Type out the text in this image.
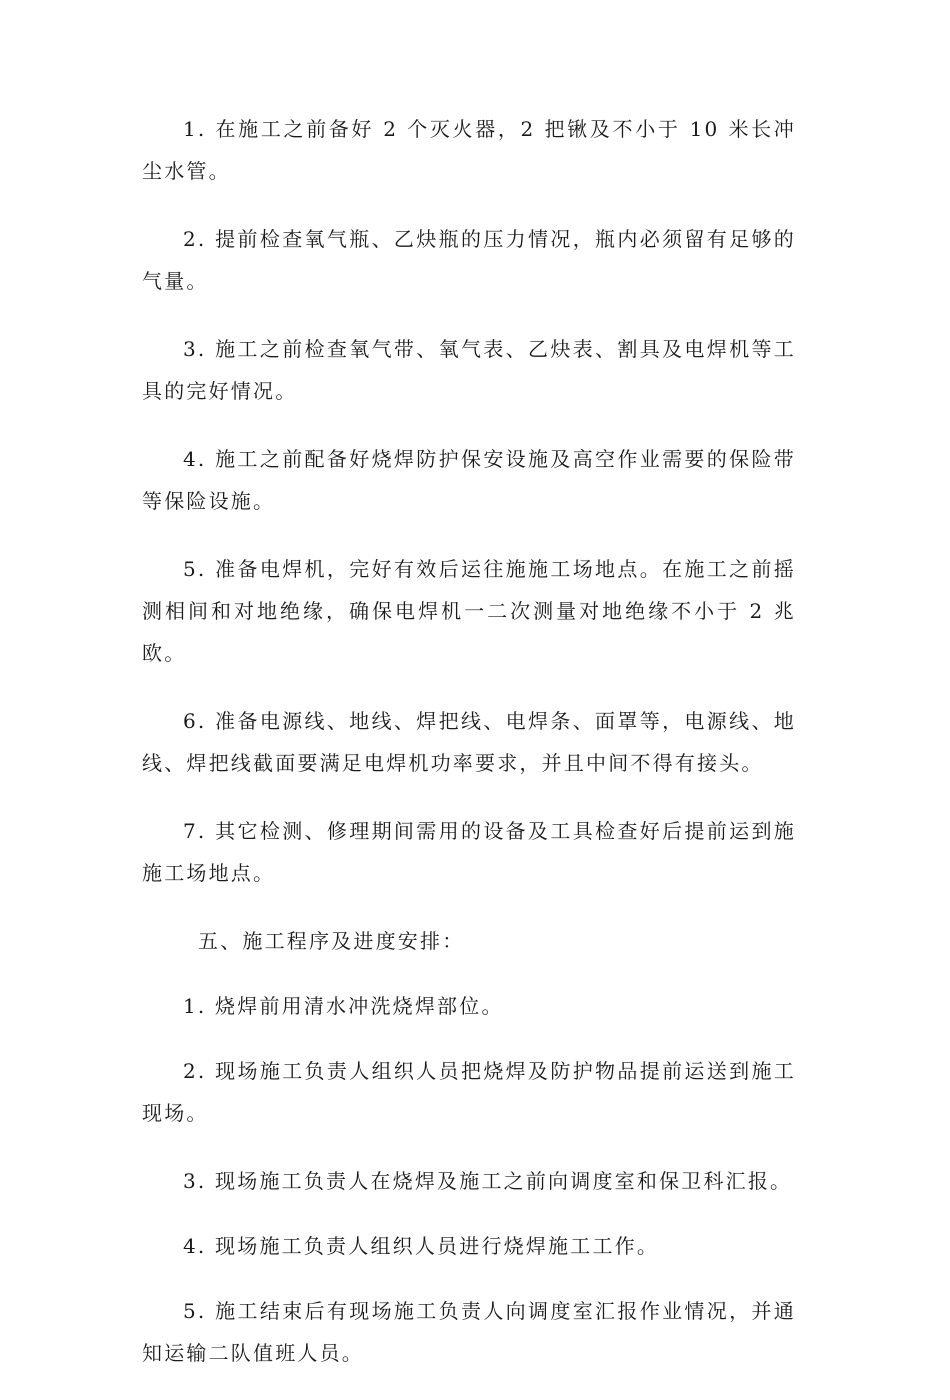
1. 在施工之前备好 2 个灭火器，2 把锹及不小于 10 米长冲尘水管。

2. 提前检查氧气瓶、乙炔瓶的压力情况，瓶内必须留有足够的气量。

3. 施工之前检查氧气带、氧气表、乙炔表、割具及电焊机等工具的完好情况。

4. 施工之前配备好烧焊防护保安设施及高空作业需要的保险带等保险设施。

5. 准备电焊机，完好有效后运往施施工场地点。在施工之前摇测相间和对地绝缘，确保电焊机一二次测量对地绝缘不小于 2 兆欧。

6. 准备电源线、地线、焊把线、电焊条、面罩等，电源线、地线、焊把线截面要满足电焊机功率要求，并且中间不得有接头。

7. 其它检测、修理期间需用的设备及工具检查好后提前运到施施工场地点。

五、施工程序及进度安排：

1. 烧焊前用清水冲洗烧焊部位。

2. 现场施工负责人组织人员把烧焊及防护物品提前运送到施工现场。

3. 现场施工负责人在烧焊及施工之前向调度室和保卫科汇报。

4. 现场施工负责人组织人员进行烧焊施工工作。

5. 施工结束后有现场施工负责人向调度室汇报作业情况，并通知运输二队值班人员。
